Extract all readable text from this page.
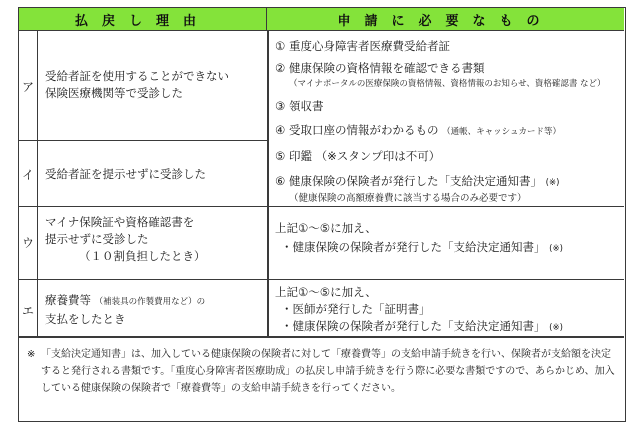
払戻し理由	申請に必要なもの
ア
受給者証を使用することができない
保険医療機関等で受診した
イ 受給者証を提示せずに受診した
① 重度心身障害者医療費受給者証
② 健康保険の資格情報を確認できる書類
（マイナポータルの医療保険の資格情報、資格情報のお知らせ、資格確認書 など）
③ 領収書
④ 受取口座の情報がわかるもの （通帳、キャッシュカード等）
⑤ 印鑑 （※スタンプ印は不可）
⑥ 健康保険の保険者が発行した「支給決定通知書」 (※)
（健康保険の高額療養費に該当する場合のみ必要です）
ウ
マイナ保険証や資格確認書を
提示せずに受診した
（１０割負担したとき）
上記①～⑤に加え、
・健康保険の保険者が発行した「支給決定通知書」 (※)
エ
療養費等 （補装具の作製費用など）の
支払をしたとき
上記①～⑤に加え、
・医師が発行した「証明書」
・健康保険の保険者が発行した「支給決定通知書」 (※)
※ 「支給決定通知書」は、加入している健康保険の保険者に対して「療養費等」の支給申請手続きを行い、保険者が支給額を決定すると発行される書類です。「重度心身障害者医療助成」の払戻し申請手続きを行う際に必要な書類ですので、あらかじめ、加入している健康保険の保険者で「療養費等」の支給申請手続きを行ってください。
